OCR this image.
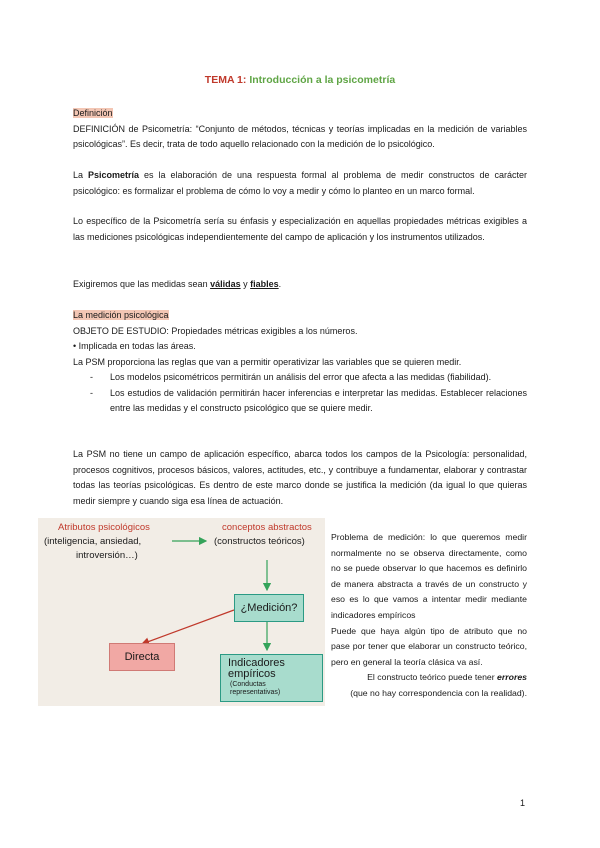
TEMA 1: Introducción a la psicometría
Definición
DEFINICIÓN de Psicometría: “Conjunto de métodos, técnicas y teorías implicadas en la medición de variables psicológicas”. Es decir, trata de todo aquello relacionado con la medición de lo psicológico.
La Psicometría es la elaboración de una respuesta formal al problema de medir constructos de carácter psicológico: es formalizar el problema de cómo lo voy a medir y cómo lo planteo en un marco formal.
Lo específico de la Psicometría sería su énfasis y especialización en aquellas propiedades métricas exigibles a las mediciones psicológicas independientemente del campo de aplicación y los instrumentos utilizados.
Exigiremos que las medidas sean válidas y fiables.
La medición psicológica
OBJETO DE ESTUDIO: Propiedades métricas exigibles a los números.
• Implicada en todas las áreas.
La PSM proporciona las reglas que van a permitir operativizar las variables que se quieren medir.
-	Los modelos psicométricos permitirán un análisis del error que afecta a las medidas (fiabilidad).
-	Los estudios de validación permitirán hacer inferencias e interpretar las medidas. Establecer relaciones entre las medidas y el constructo psicológico que se quiere medir.
La PSM no tiene un campo de aplicación específico, abarca todos los campos de la Psicología: personalidad, procesos cognitivos, procesos básicos, valores, actitudes, etc., y contribuye a fundamentar, elaborar y contrastar todas las teorías psicológicas. Es dentro de este marco donde se justifica la medición (da igual lo que quieras medir siempre y cuando siga esa línea de actuación.
Atributos psicológicos
(inteligencia, ansiedad,
introversión…)
conceptos abstractos
(constructos teóricos)
¿Medición?
Directa	Indicadores
empíricos
(Conductas
representativas)
Problema de medición: lo que queremos medir normalmente no se observa directamente, como no se puede observar lo que hacemos es definirlo de manera abstracta a través de un constructo y eso es lo que vamos a intentar medir mediante indicadores empíricos
Puede que haya algún tipo de atributo que no pase por tener que elaborar un constructo teórico, pero en general la teoría clásica va así.
El constructo teórico puede tener errores
(que no hay correspondencia con la realidad).
1
